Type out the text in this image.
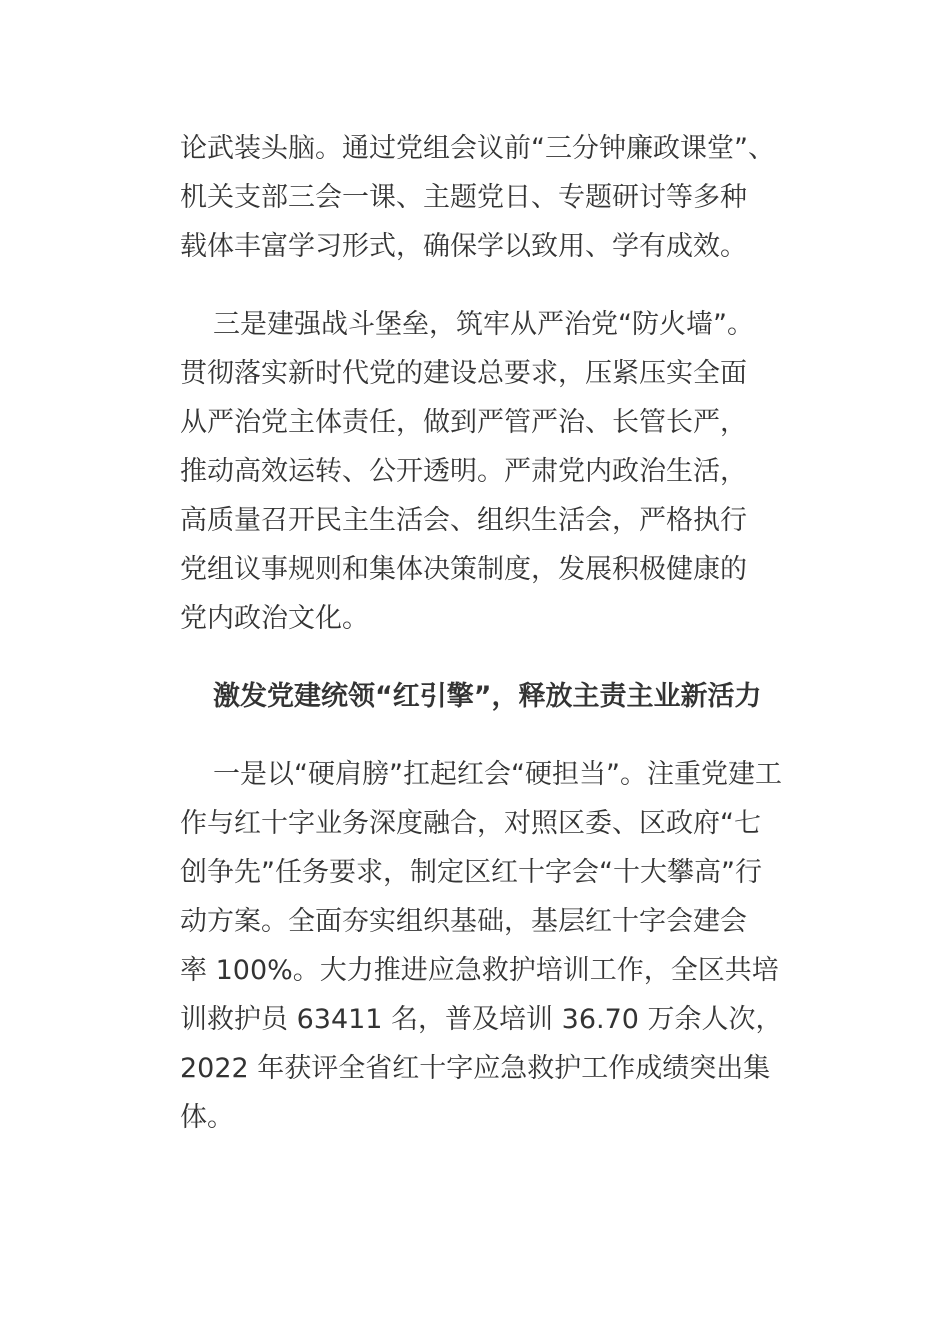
论武装头脑。通过党组会议前“三分钟廉政课堂”、
机关支部三会一课、主题党日、专题研讨等多种
载体丰富学习形式，确保学以致用、学有成效。
三是建强战斗堡垒，筑牢从严治党“防火墙”。
贯彻落实新时代党的建设总要求，压紧压实全面
从严治党主体责任，做到严管严治、长管长严，
推动高效运转、公开透明。严肃党内政治生活，
高质量召开民主生活会、组织生活会，严格执行
党组议事规则和集体决策制度，发展积极健康的
党内政治文化。
激发党建统领“红引擎”，释放主责主业新活力
一是以“硬肩膀”扛起红会“硬担当”。注重党建工
作与红十字业务深度融合，对照区委、区政府“七
创争先”任务要求，制定区红十字会“十大攀高”行
动方案。全面夯实组织基础，基层红十字会建会
率 100%。大力推进应急救护培训工作，全区共培
训救护员 63411 名，普及培训 36.70 万余人次，
2022 年获评全省红十字应急救护工作成绩突出集
体。
